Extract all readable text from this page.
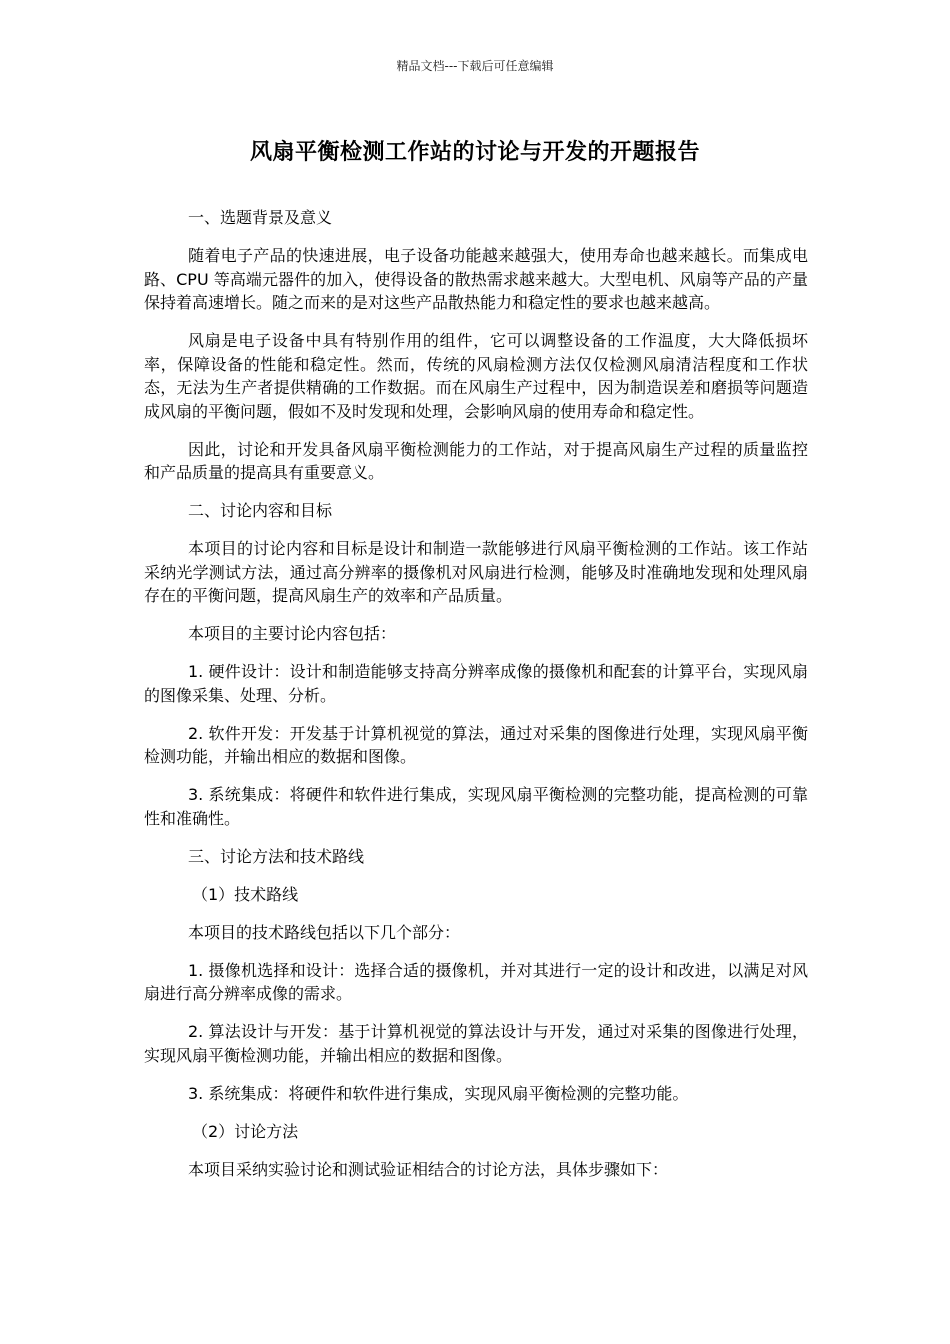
精品文档---下载后可任意编辑
风扇平衡检测工作站的讨论与开发的开题报告

一、选题背景及意义

随着电子产品的快速进展，电子设备功能越来越强大，使用寿命也越来越长。而集成电路、CPU 等高端元器件的加入，使得设备的散热需求越来越大。大型电机、风扇等产品的产量保持着高速增长。随之而来的是对这些产品散热能力和稳定性的要求也越来越高。

风扇是电子设备中具有特别作用的组件，它可以调整设备的工作温度，大大降低损坏率，保障设备的性能和稳定性。然而，传统的风扇检测方法仅仅检测风扇清洁程度和工作状态，无法为生产者提供精确的工作数据。而在风扇生产过程中，因为制造误差和磨损等问题造成风扇的平衡问题，假如不及时发现和处理，会影响风扇的使用寿命和稳定性。

因此，讨论和开发具备风扇平衡检测能力的工作站，对于提高风扇生产过程的质量监控和产品质量的提高具有重要意义。

二、讨论内容和目标

本项目的讨论内容和目标是设计和制造一款能够进行风扇平衡检测的工作站。该工作站采纳光学测试方法，通过高分辨率的摄像机对风扇进行检测，能够及时准确地发现和处理风扇存在的平衡问题，提高风扇生产的效率和产品质量。

本项目的主要讨论内容包括：

1. 硬件设计：设计和制造能够支持高分辨率成像的摄像机和配套的计算平台，实现风扇的图像采集、处理、分析。

2. 软件开发：开发基于计算机视觉的算法，通过对采集的图像进行处理，实现风扇平衡检测功能，并输出相应的数据和图像。

3. 系统集成：将硬件和软件进行集成，实现风扇平衡检测的完整功能，提高检测的可靠性和准确性。

三、讨论方法和技术路线

（1）技术路线

本项目的技术路线包括以下几个部分：

1. 摄像机选择和设计：选择合适的摄像机，并对其进行一定的设计和改进，以满足对风扇进行高分辨率成像的需求。

2. 算法设计与开发：基于计算机视觉的算法设计与开发，通过对采集的图像进行处理，实现风扇平衡检测功能，并输出相应的数据和图像。

3. 系统集成：将硬件和软件进行集成，实现风扇平衡检测的完整功能。

（2）讨论方法

本项目采纳实验讨论和测试验证相结合的讨论方法，具体步骤如下：
